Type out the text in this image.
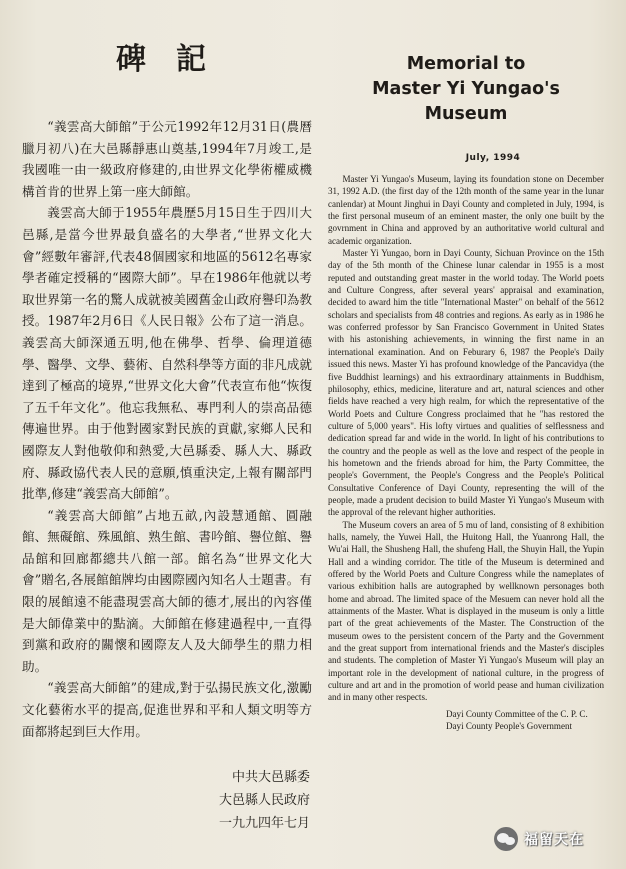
碑記

“義雲高大師館”于公元1992年12月31日(農曆臘月初八)在大邑縣靜惠山奠基,1994年7月竣工,是我國唯一由一級政府修建的,由世界文化學術權威機構首肯的世界上第一座大師館。

義雲高大師于1955年農歷5月15日生于四川大邑縣,是當今世界最負盛名的大學者,“世界文化大會”經數年審評,代表48個國家和地區的5612名專家學者確定授稱的“國際大師”。早在1986年他就以考取世界第一名的驚人成就被美國舊金山政府譽印為教授。1987年2月6日《人民日報》公布了這一消息。義雲高大師深通五明,他在佛學、哲學、倫理道德學、醫學、文學、藝術、自然科學等方面的非凡成就達到了極高的境界,“世界文化大會”代表宣布他“恢復了五千年文化”。他忘我無私、專門利人的崇高品德傳遍世界。由于他對國家對民族的貢獻,家鄉人民和國際友人對他敬仰和熱愛,大邑縣委、縣人大、縣政府、縣政協代表人民的意願,慎重決定,上報有關部門批準,修建“義雲高大師館”。

“義雲高大師館”占地五畝,內設慧通館、圓融館、無礙館、殊風館、熟生館、書吟館、譽位館、譽品館和回廊都總共八館一部。館名為“世界文化大會”贈名,各展館館牌均由國際國內知名人士題書。有限的展館遠不能盡現雲高大師的德才,展出的內容僅是大師偉業中的點滴。大師館在修建過程中,一直得到黨和政府的關懷和國際友人及大師學生的鼎力相助。

“義雲高大師館”的建成,對于弘揚民族文化,激勵文化藝術水平的提高,促進世界和平和人類文明等方面都將起到巨大作用。

中共大邑縣委
大邑縣人民政府
一九九四年七月
Memorial to
Master Yi Yungao's Museum
July, 1994

Master Yi Yungao's Museum, laying its foundation stone on December 31, 1992 A.D. (the first day of the 12th month of the same year in the lunar canlendar) at Mount Jinghui in Dayi County and completed in July, 1994, is the first personal museum of an eminent master, the only one built by the govrnment in China and approved by an authoritative world cultural and academic organization.

Master Yi Yungao, born in Dayi County, Sichuan Province on the 15th day of the 5th month of the Chinese lunar calendar in 1955 is a most reputed and outstanding great master in the world today. The World poets and Culture Congress, after several years' appraisal and examination, decided to award him the title "International Master" on behalf of the 5612 scholars and specialists from 48 contries and regions. As early as in 1986 he was conferred professor by San Francisco Government in United States with his astonishing achievements, in winning the first name in an international examination. And on Feburary 6, 1987 the People's Daily issued this news. Master Yi has profound knowledge of the Pancavidya (the five Buddhist learnings) and his extraordinary attainments in Buddhism, philosophy, ethics, medicine, literature and art, natural sciences and other fields have reached a very high realm, for which the representative of the World Poets and Culture Congress proclaimed that he "has restored the culture of 5,000 years". His lofty virtues and qualities of selflessness and dedication spread far and wide in the world. In light of his contributions to the country and the people as well as the love and respect of the people in his hometown and the friends abroad for him, the Party Committee, the people's Government, the People's Congress and the People's Political Consultative Conference of Dayi County, representing the will of the people, made a prudent decision to build Master Yi Yungao's Museum with the approval of the relevant higher authorities.

The Museum covers an area of 5 mu of land, consisting of 8 exhibition halls, namely, the Yuwei Hall, the Huitong Hall, the Yuanrong Hall, the Wu'ai Hall, the Shusheng Hall, the shufeng Hall, the Shuyin Hall, the Yupin Hall and a winding corridor. The title of the Museum is determined and offered by the World Poets and Culture Congress while the nameplates of various exhibition halls are autographed by wellknown personages both home and abroad. The limited space of the Mesuem can never hold all the attainments of the Master. What is displayed in the museum is only a little part of the great achievements of the Master. The Construction of the museum owes to the persistent concern of the Party and the Government and the great support from international friends and the Master's disciples and students. The completion of Master Yi Yungao's Museum will play an important role in the development of national culture, in the progress of culture and art and in the promotion of world pease and human civilization and in many other respects.

Dayi County Committee of the C. P. C.
Dayi County People's Government
福留天在
